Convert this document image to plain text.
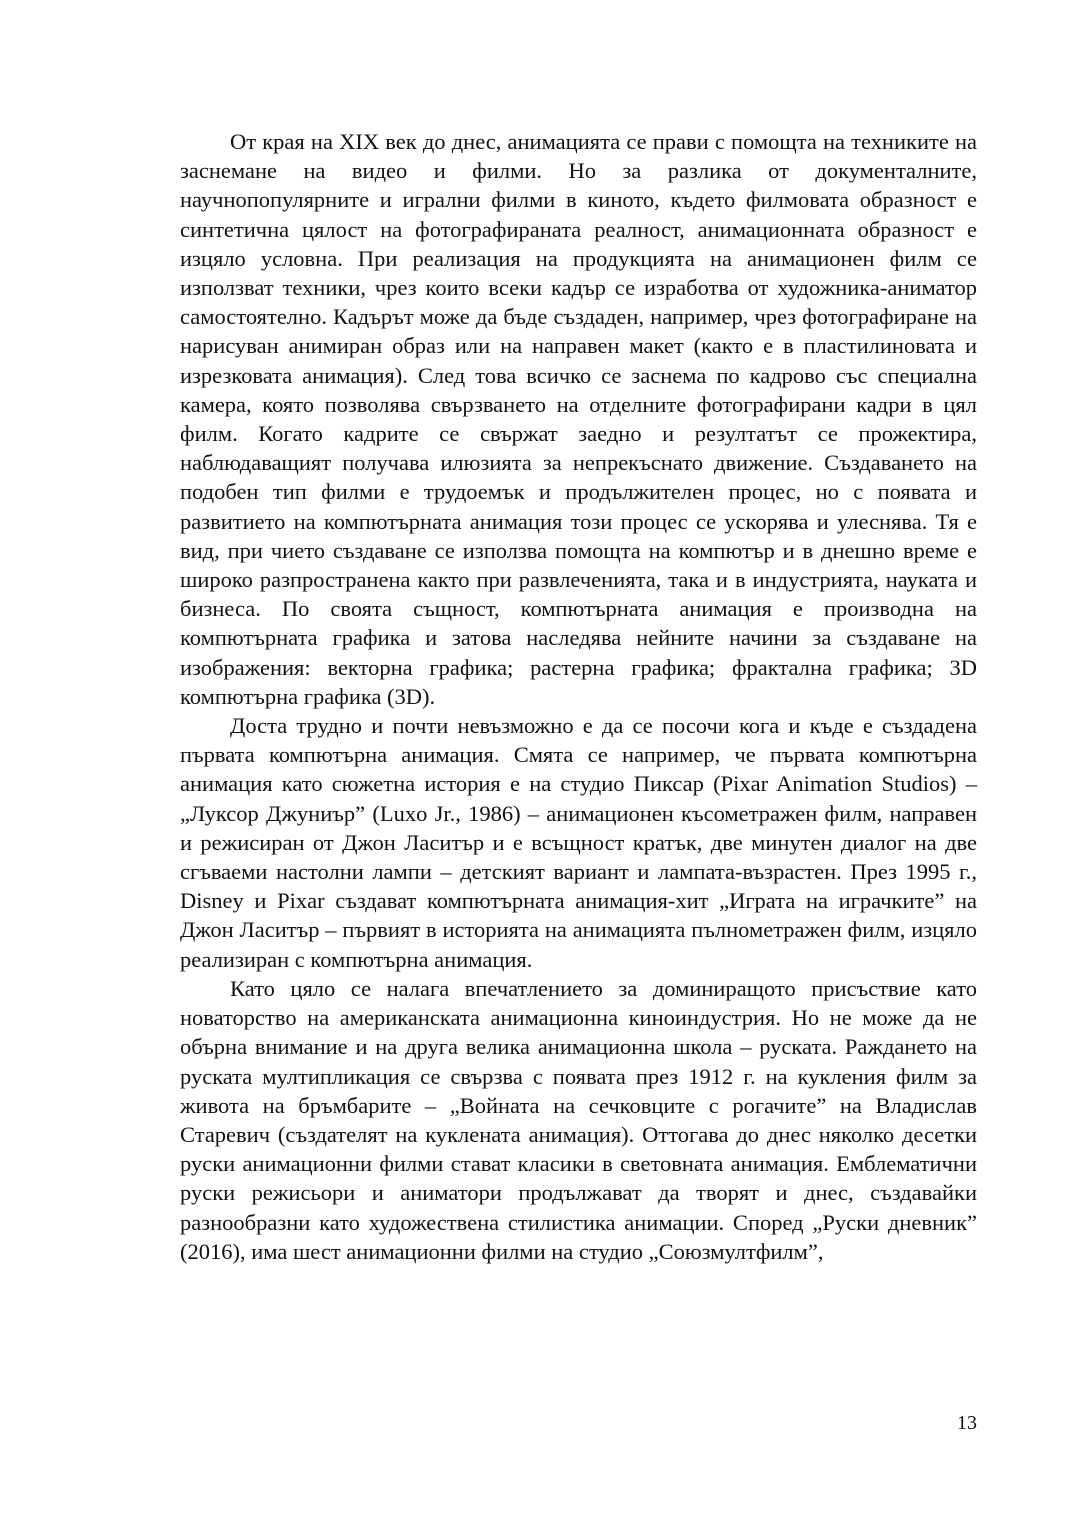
От края на XIX век до днес, анимацията се прави с помощта на техниките на заснемане на видео и филми. Но за разлика от документалните, научнопопулярните и игрални филми в киното, където филмовата образност е синтетична цялост на фотографираната реалност, анимационната образност е изцяло условна. При реализация на продукцията на анимационен филм се използват техники, чрез които всеки кадър се изработва от художника-аниматор самостоятелно. Кадърът може да бъде създаден, например, чрез фотографиране на нарисуван анимиран образ или на направен макет (както е в пластилиновата и изрезковата анимация). След това всичко се заснема по кадрово със специална камера, която позволява свързването на отделните фотографирани кадри в цял филм. Когато кадрите се свържат заедно и резултатът се прожектира, наблюдаващият получава илюзията за непрекъснато движение. Създаването на подобен тип филми е трудоемък и продължителен процес, но с появата и развитието на компютърната анимация този процес се ускорява и улеснява. Тя е вид, при чието създаване се използва помощта на компютър и в днешно време е широко разпространена както при развлеченията, така и в индустрията, науката и бизнеса. По своята същност, компютърната анимация е производна на компютърната графика и затова наследява нейните начини за създаване на изображения: векторна графика; растерна графика; фрактална графика; 3D компютърна графика (3D).

Доста трудно и почти невъзможно е да се посочи кога и къде е създадена първата компютърна анимация. Смята се например, че първата компютърна анимация като сюжетна история е на студио Пиксар (Pixar Animation Studios) – „Луксор Джуниър” (Luxo Jr., 1986) – анимационен късометражен филм, направен и режисиран от Джон Ласитър и е всъщност кратък, две минутен диалог на две сгъваеми настолни лампи – детският вариант и лампата-възрастен. През 1995 г., Disney и Pixar създават компютърната анимация-хит „Играта на играчките” на Джон Ласитър – първият в историята на анимацията пълнометражен филм, изцяло реализиран с компютърна анимация.

Като цяло се налага впечатлението за доминиращото присъствие като новаторство на американската анимационна киноиндустрия. Но не може да не обърна внимание и на друга велика анимационна школа – руската. Раждането на руската мултипликация се свързва с появата през 1912 г. на кукления филм за живота на бръмбарите – „Войната на сечковците с рогачите” на Владислав Старевич (създателят на куклената анимация). Оттогава до днес няколко десетки руски анимационни филми стават класики в световната анимация. Емблематични руски режисьори и аниматори продължават да творят и днес, създавайки разнообразни като художествена стилистика анимации. Според „Руски дневник” (2016), има шест анимационни филми на студио „Союзмултфилм”,

13
